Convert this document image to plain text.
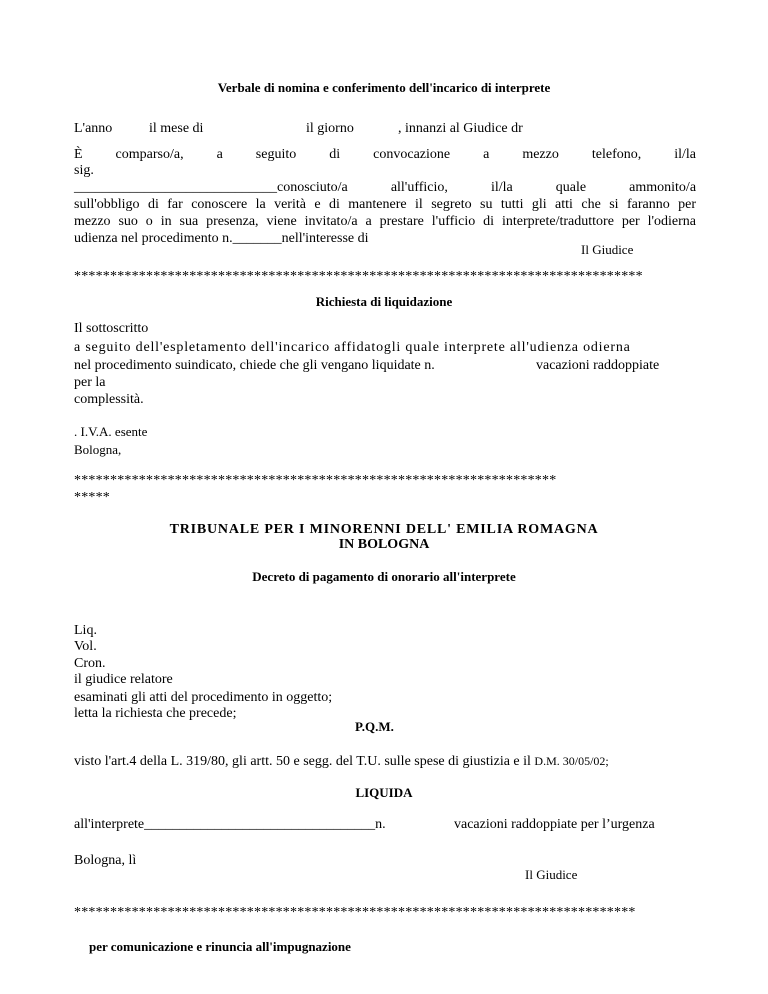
Verbale di nomina e conferimento dell'incarico di interprete
L'anno	il mese di	il giorno	, innanzi al Giudice dr
È comparso/a, a seguito di convocazione a mezzo telefono, il/la
sig.
_____________________________conosciuto/a	all'ufficio,	il/la	quale	ammonito/a
sull'obbligo di far conoscere la verità e di mantenere il segreto su tutti gli atti che si faranno per
mezzo suo o in sua presenza, viene invitato/a a prestare l'ufficio di interprete/traduttore per l'odierna
udienza nel procedimento n._______nell'interesse di
Il Giudice
*******************************************************************************
Richiesta di liquidazione
Il sottoscritto
a seguito dell'espletamento dell'incarico affidatogli quale interprete all'udienza odierna
nel procedimento suindicato, chiede che gli vengano liquidate n.	vacazioni raddoppiate
per la
complessità.
. I.V.A. esente
Bologna,
*******************************************************************
*****
TRIBUNALE PER I MINORENNI DELL' EMILIA ROMAGNA
IN BOLOGNA
Decreto di pagamento di onorario all'interprete
Liq.
Vol.
Cron.
il giudice relatore
esaminati gli atti del procedimento in oggetto;
letta la richiesta che precede;
P.Q.M.
visto l'art.4 della L. 319/80, gli artt. 50 e segg. del T.U. sulle spese di giustizia e il D.M. 30/05/02;
LIQUIDA
all'interprete_________________________________n.	vacazioni raddoppiate per l’urgenza
Bologna, lì
Il Giudice
******************************************************************************
per comunicazione e rinuncia all'impugnazione
